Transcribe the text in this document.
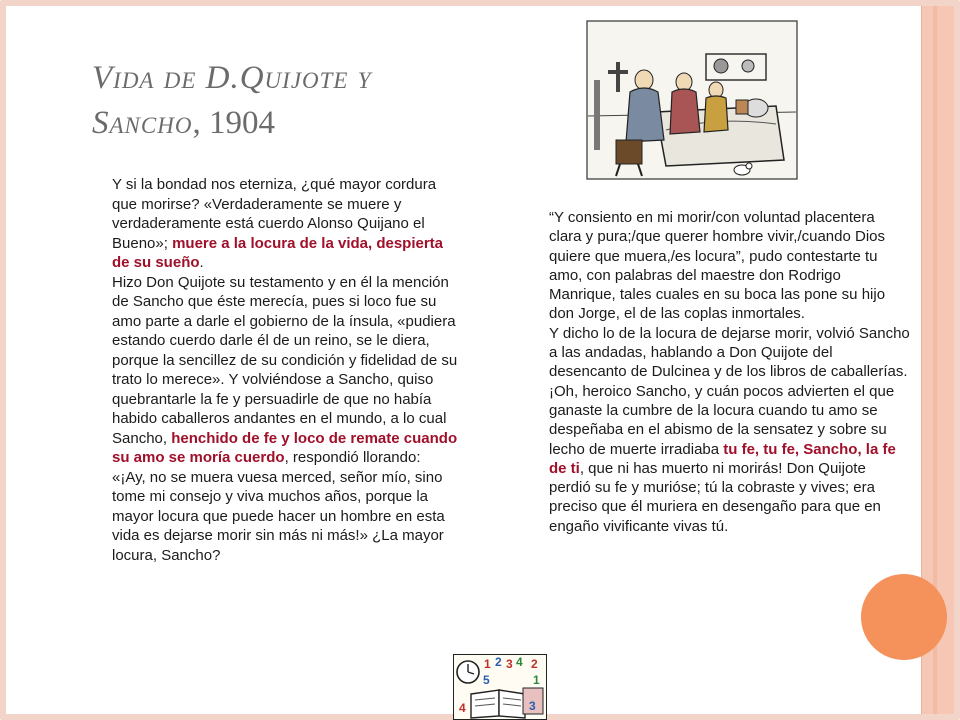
Vida de D.Quijote y
Sancho, 1904

Y si la bondad nos eterniza, ¿qué mayor cordura que morirse? «Verdaderamente se muere y verdaderamente está cuerdo Alonso Quijano el Bueno»; muere a la locura de la vida, despierta de su sueño.

Hizo Don Quijote su testamento y en él la mención de Sancho que éste merecía, pues si loco fue su amo parte a darle el gobierno de la ínsula, «pudiera estando cuerdo darle él de un reino, se le diera, porque la sencillez de su condición y fidelidad de su trato lo merece». Y volviéndose a Sancho, quiso quebrantarle la fe y persuadirle de que no había habido caballeros andantes en el mundo, a lo cual Sancho, henchido de fe y loco de remate cuando su amo se moría cuerdo, respondió llorando: «¡Ay, no se muera vuesa merced, señor mío, sino tome mi consejo y viva muchos años, porque la mayor locura que puede hacer un hombre en esta vida es dejarse morir sin más ni más!» ¿La mayor locura, Sancho?

“Y consiento en mi morir/con voluntad placentera clara y pura;/que querer hombre vivir,/cuando Dios quiere que muera,/es locura”, pudo contestarte tu amo, con palabras del maestre don Rodrigo Manrique, tales cuales en su boca las pone su hijo don Jorge, el de las coplas inmortales.

Y dicho lo de la locura de dejarse morir, volvió Sancho a las andadas, hablando a Don Quijote del desencanto de Dulcinea y de los libros de caballerías. ¡Oh, heroico Sancho, y cuán pocos advierten el que ganaste la cumbre de la locura cuando tu amo se despeñaba en el abismo de la sensatez y sobre su lecho de muerte irradiaba tu fe, tu fe, Sancho, la fe de ti, que ni has muerto ni morirás! Don Quijote perdió su fe y murióse; tú la cobraste y vives; era preciso que él muriera en desengaño para que en engaño vivificante vivas tú.

1 2 3 4
5
2
1
4	3
